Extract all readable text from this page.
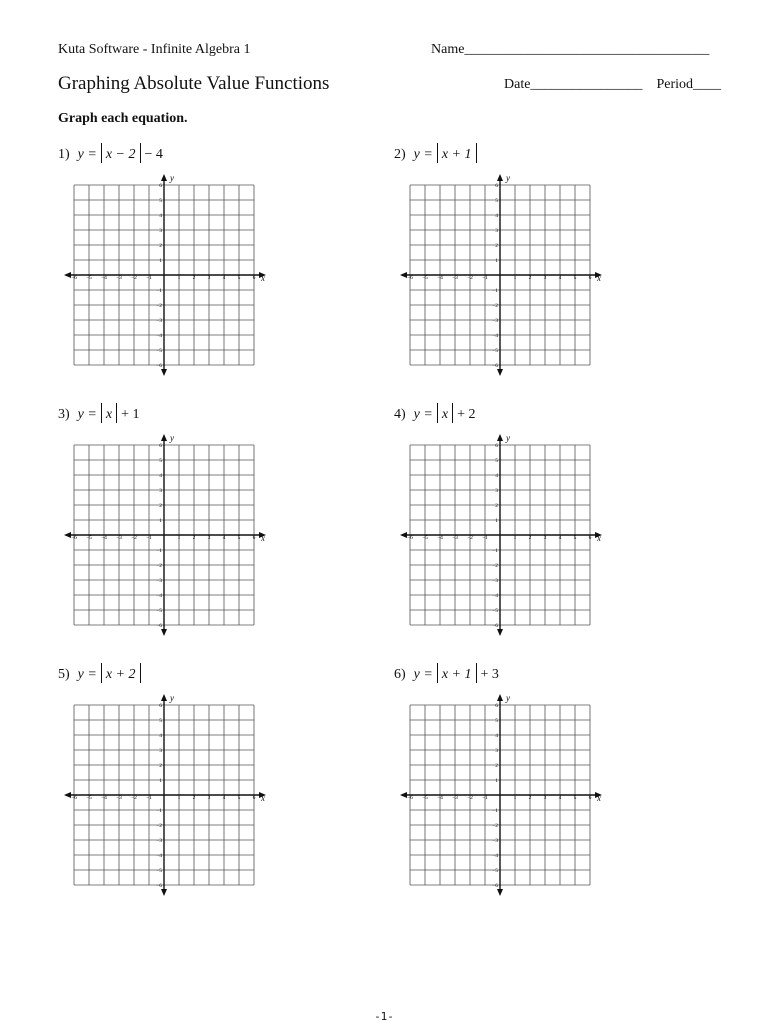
Kuta Software - Infinite Algebra 1	Name___________________________________
Graphing Absolute Value Functions	Date________________ Period____
Graph each equation.
1) y = x − 2 − 4
x
y
−6 −5 −4 −3 −2 −1	1 2 3 4 5 6
6
5
4
3
2
1
−1
−2
−3
−4
−5
−6
2) y = x + 1
x
y
−6 −5 −4 −3 −2 −1	1 2 3 4 5 6
6
5
4
3
2
1
−1
−2
−3
−4
−5
−6
3) y = x + 1
x
y
−6 −5 −4 −3 −2 −1	1 2 3 4 5 6
6
5
4
3
2
1
−1
−2
−3
−4
−5
−6
4) y = x + 2
x
y
−6 −5 −4 −3 −2 −1	1 2 3 4 5 6
6
5
4
3
2
1
−1
−2
−3
−4
−5
−6
5) y = x + 2
x
y
−6 −5 −4 −3 −2 −1	1 2 3 4 5 6
6
5
4
3
2
1
−1
−2
−3
−4
−5
−6
6) y = x + 1 + 3
x
y
−6 −5 −4 −3 −2 −1	1 2 3 4 5 6
6
5
4
3
2
1
−1
−2
−3
−4
−5
−6
-1-
